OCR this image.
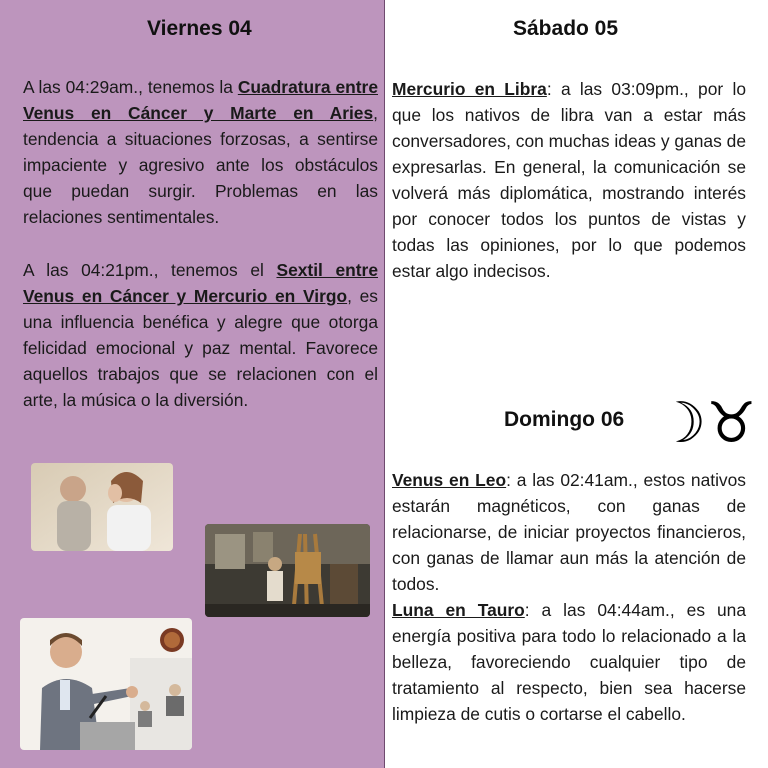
Viernes 04

A las 04:29am., tenemos la Cuadratura entre Venus en Cáncer y Marte en Aries, tendencia a situaciones forzosas, a sentirse impaciente y agresivo ante los obstáculos que puedan surgir. Problemas en las relaciones sentimentales.

A las 04:21pm., tenemos el Sextil entre Venus en Cáncer y Mercurio en Virgo, es una influencia benéfica y alegre que otorga felicidad emocional y paz mental. Favorece aquellos trabajos que se relacionen con el arte, la música o la diversión.

Sábado 05

Mercurio en Libra: a las 03:09pm., por lo que los nativos de libra van a estar más conversadores, con muchas ideas y ganas de expresarlas. En general, la comunicación se volverá más diplomática, mostrando interés por conocer todos los puntos de vistas y todas las opiniones, por lo que podemos estar algo indecisos.

Domingo 06 ☽♉

Venus en Leo: a las 02:41am., estos nativos estarán magnéticos, con ganas de relacionarse, de iniciar proyectos financieros, con ganas de llamar aun más la atención de todos.

Luna en Tauro: a las 04:44am., es una energía positiva para todo lo relacionado a la belleza, favoreciendo cualquier tipo de tratamiento al respecto, bien sea hacerse limpieza de cutis o cortarse el cabello.
